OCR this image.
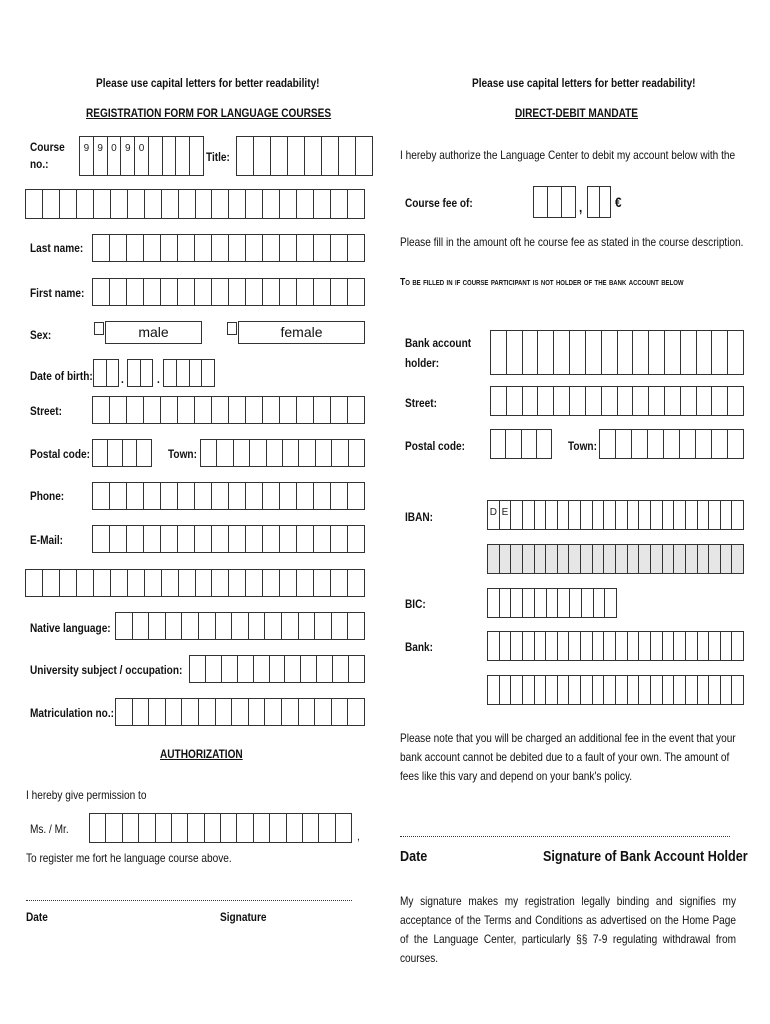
Please use capital letters for better readability!
REGISTRATION FORM FOR LANGUAGE COURSES
Course
no.:
9 9 0 9 0
Title:
Last name:
First name:
Sex:	male	female
Date of birth: .	.
Street:
Postal code:	Town:
Phone:
E-Mail:
Native language:
University subject / occupation:
Matriculation no.:
AUTHORIZATION
I hereby give permission to
Ms. / Mr.	,
To register me fort he language course above.
Date	Signature
Please use capital letters for better readability!
DIRECT-DEBIT MANDATE
I hereby authorize the Language Center to debit my account below with the
Course fee of:	, €
Please fill in the amount oft he course fee as stated in the course description.
To be filled in if course participant is not holder of the bank account below
Bank account
holder:
Street:
Postal code:	Town:
IBAN:	D E
BIC:
Bank:
Please note that you will be charged an additional fee in the event that your bank account cannot be debited due to a fault of your own. The amount of fees like this vary and depend on your bank's policy.
Date	Signature of Bank Account Holder
My signature makes my registration legally binding and signifies my acceptance of the Terms and Conditions as advertised on the Home Page of the Language Center, particularly §§ 7-9 regulating withdrawal from courses.
